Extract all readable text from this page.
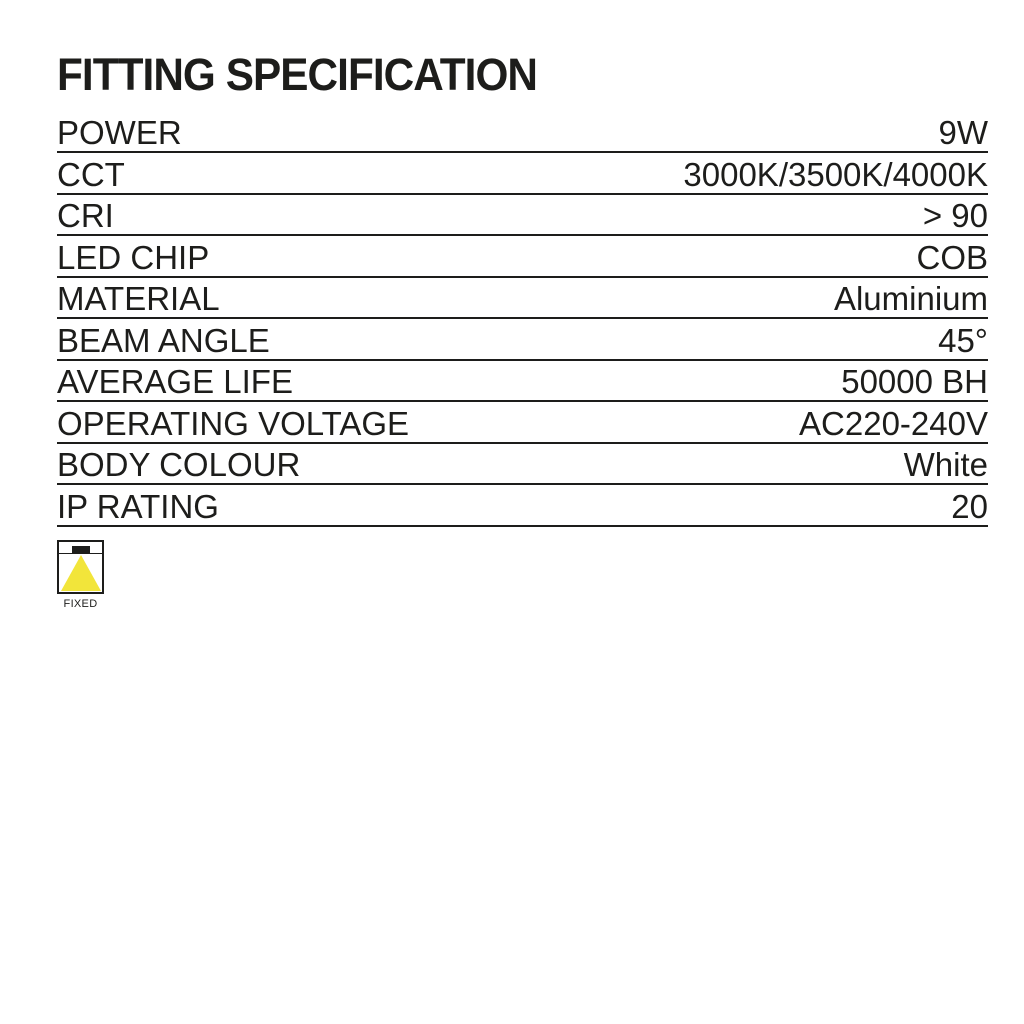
FITTING SPECIFICATION
POWER	9W
CCT	3000K/3500K/4000K
CRI	> 90
LED CHIP	COB
MATERIAL	Aluminium
BEAM ANGLE	45°
AVERAGE LIFE	50000 BH
OPERATING VOLTAGE	AC220-240V
BODY COLOUR	White
IP RATING	20
FIXED
